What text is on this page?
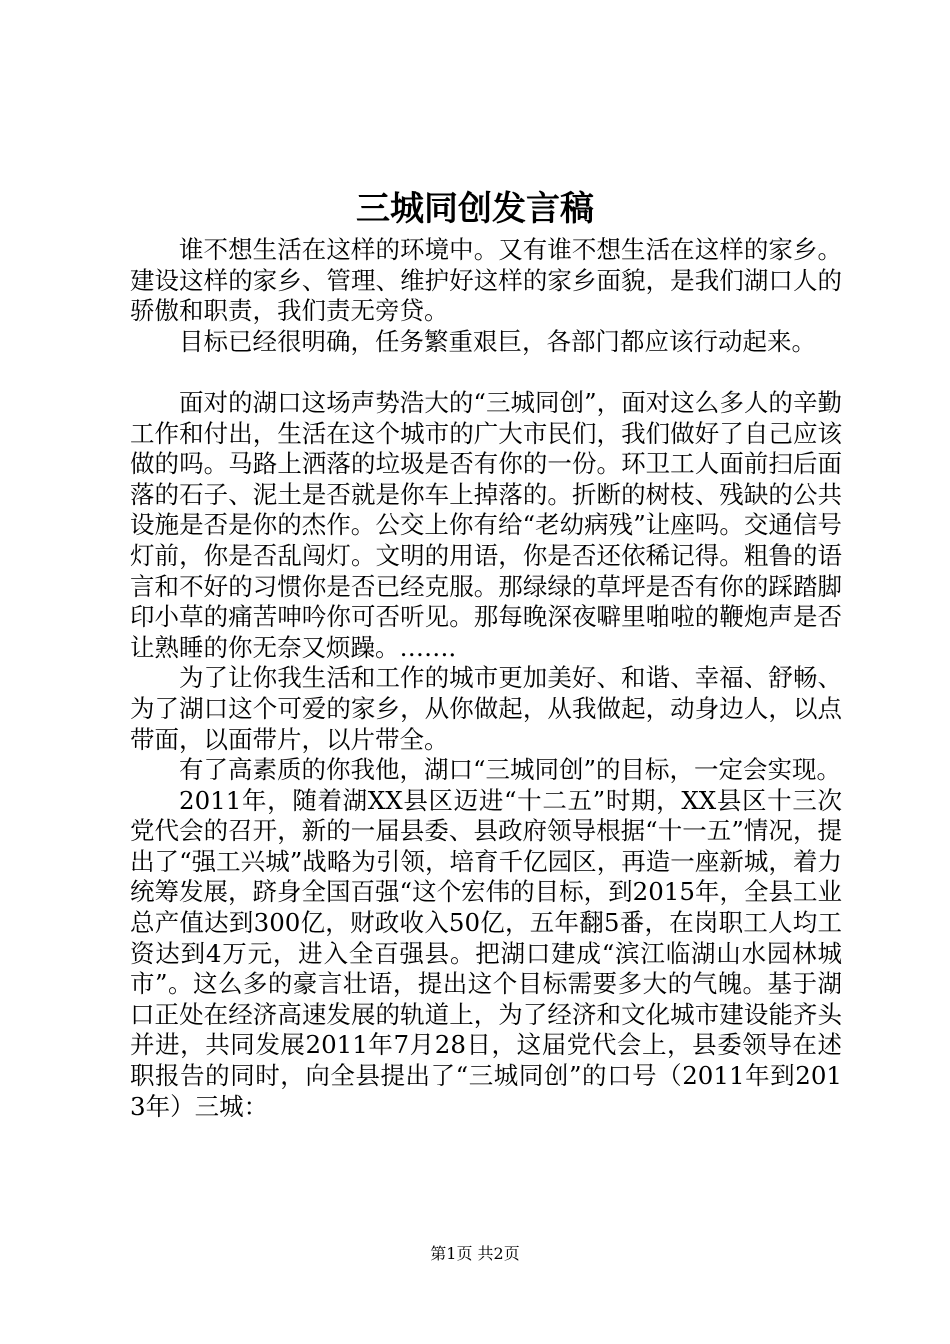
三城同创发言稿

谁不想生活在这样的环境中。又有谁不想生活在这样的家乡。建设这样的家乡、管理、维护好这样的家乡面貌，是我们湖口人的骄傲和职责，我们责无旁贷。

目标已经很明确，任务繁重艰巨，各部门都应该行动起来。

面对的湖口这场声势浩大的“三城同创”，面对这么多人的辛勤工作和付出，生活在这个城市的广大市民们，我们做好了自己应该做的吗。马路上洒落的垃圾是否有你的一份。环卫工人面前扫后面落的石子、泥土是否就是你车上掉落的。折断的树枝、残缺的公共设施是否是你的杰作。公交上你有给“老幼病残”让座吗。交通信号灯前，你是否乱闯灯。文明的用语，你是否还依稀记得。粗鲁的语言和不好的习惯你是否已经克服。那绿绿的草坪是否有你的踩踏脚印小草的痛苦呻吟你可否听见。那每晚深夜噼里啪啦的鞭炮声是否让熟睡的你无奈又烦躁。……．

为了让你我生活和工作的城市更加美好、和谐、幸福、舒畅、为了湖口这个可爱的家乡，从你做起，从我做起，动身边人，以点带面，以面带片，以片带全。

有了高素质的你我他，湖口“三城同创”的目标，一定会实现。

2011年，随着湖XX县区迈进“十二五”时期，XX县区十三次党代会的召开，新的一届县委、县政府领导根据“十一五”情况，提出了“强工兴城”战略为引领，培育千亿园区，再造一座新城，着力统筹发展，跻身全国百强“这个宏伟的目标，到2015年，全县工业总产值达到300亿，财政收入50亿，五年翻5番，在岗职工人均工资达到4万元，进入全百强县。把湖口建成“滨江临湖山水园林城市”。这么多的豪言壮语，提出这个目标需要多大的气魄。基于湖口正处在经济高速发展的轨道上，为了经济和文化城市建设能齐头并进，共同发展2011年7月28日，这届党代会上，县委领导在述职报告的同时，向全县提出了“三城同创”的口号（2011年到2013年）三城：

第1页 共2页
